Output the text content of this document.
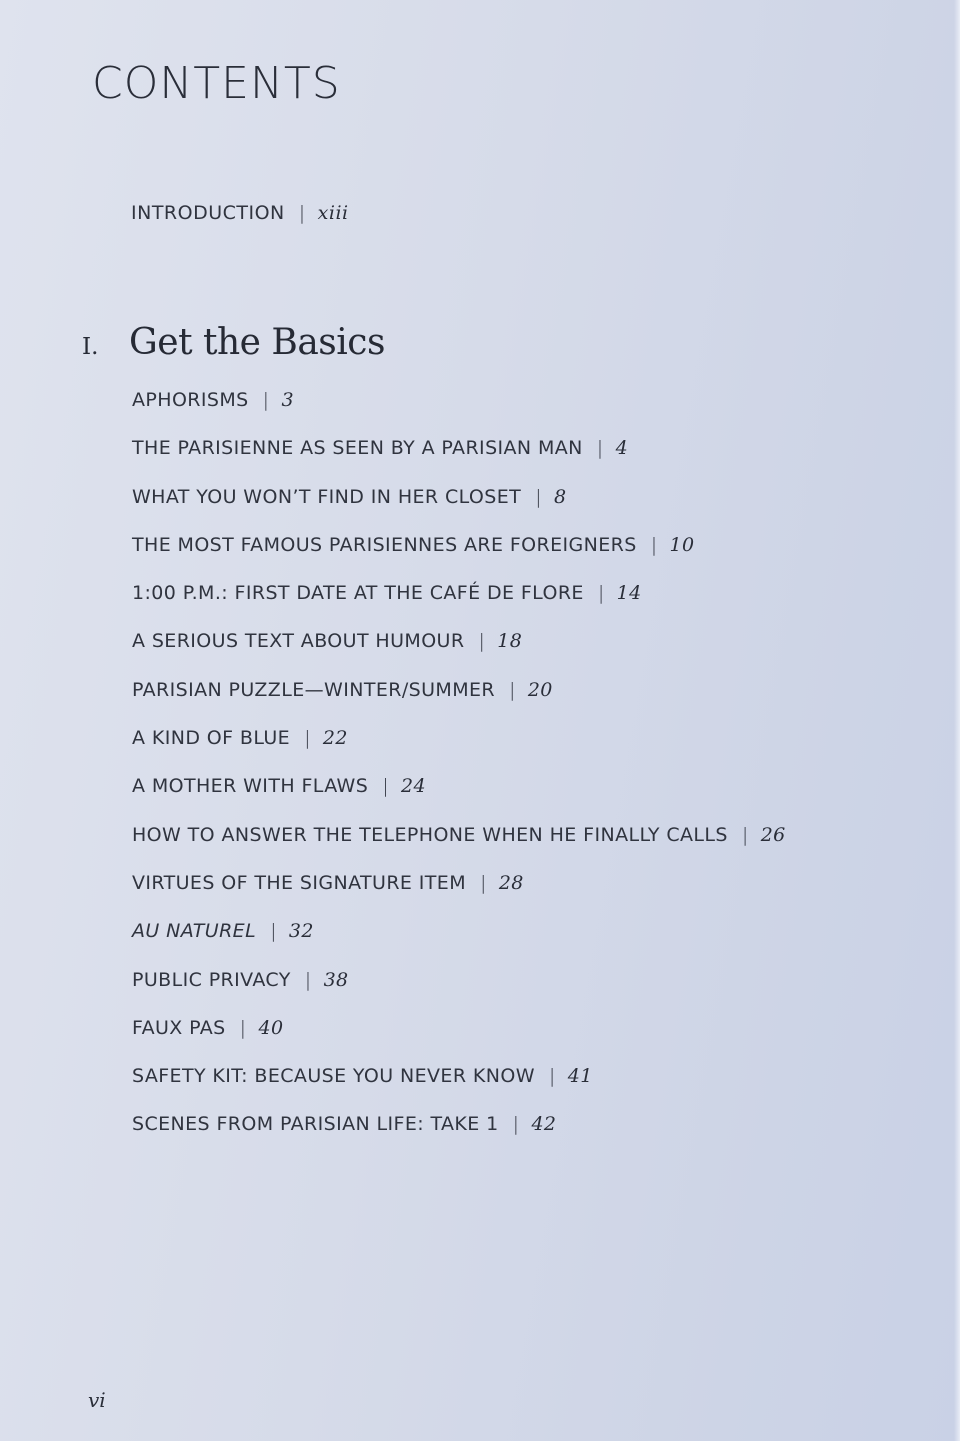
CONTENTS
INTRODUCTION | xiii
I. Get the Basics
APHORISMS | 3
THE PARISIENNE AS SEEN BY A PARISIAN MAN | 4
WHAT YOU WON’T FIND IN HER CLOSET | 8
THE MOST FAMOUS PARISIENNES ARE FOREIGNERS | 10
1:00 P.M.: FIRST DATE AT THE CAFÉ DE FLORE | 14
A SERIOUS TEXT ABOUT HUMOUR | 18
PARISIAN PUZZLE—WINTER/SUMMER | 20
A KIND OF BLUE | 22
A MOTHER WITH FLAWS | 24
HOW TO ANSWER THE TELEPHONE WHEN HE FINALLY CALLS | 26
VIRTUES OF THE SIGNATURE ITEM | 28
AU NATUREL | 32
PUBLIC PRIVACY | 38
FAUX PAS | 40
SAFETY KIT: BECAUSE YOU NEVER KNOW | 41
SCENES FROM PARISIAN LIFE: TAKE 1 | 42
vi
